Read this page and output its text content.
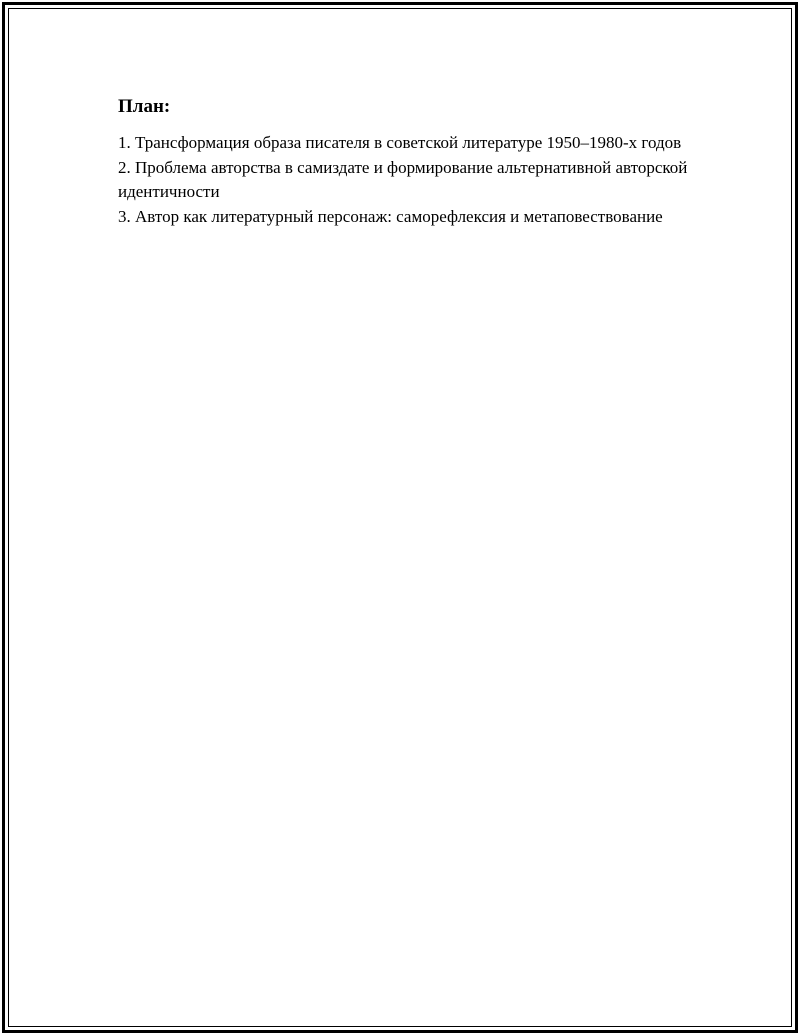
План:
1. Трансформация образа писателя в советской литературе 1950–1980-х годов
2. Проблема авторства в самиздате и формирование альтернативной авторской идентичности
3. Автор как литературный персонаж: саморефлексия и метаповествование
